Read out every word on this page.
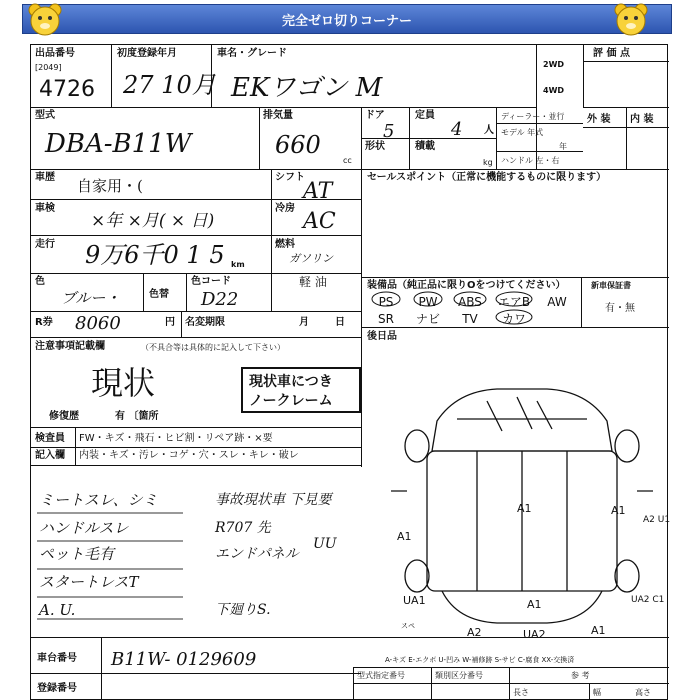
完全ゼロ切りコーナー
出品番号
[2049]
4726
初度登録年月
27 10月
車名・グレード
EKワゴン M
2WD
4WD
評 価 点
型式
DBA-B11W
排気量
660
cc
ドア
5
定員
4 人
形状	積載
kg
ディーラー・並行
モデル 年式
年
ハンドル 左・右
外 装 内 装
車歴 自家用・(	シフト
AT
車検
×年 ×月( × 日)
冷房
AC
走行 9万6千0 1 5 km
燃料
ガソリン
軽 油
色
ブルー・	色替
色コード
D22
R券 8060	円 名変期限	月	日
注意事項記載欄	（不具合等は具体的に記入して下さい）
現状	現状車につき
ノークレーム
修復歴	有 〔箇所
検査員 FW・キズ・飛石・ヒビ割・リペア跡・×要
記入欄 内装・キズ・汚レ・コゲ・穴・スレ・キレ・破レ
ミートスレ、シミ
ハンドルスレ
ペット毛有
スタートレスT
A. U.
事故現状車 下見要
R707 先
エンドパネル
下廻りS.
UU
セールスポイント（正常に機能するものに限ります）
装備品（純正品に限りOをつけてください）	新車保証書
有・無
PS PW ABS エアB AW
SR ナビ TV カワ
後日品
A1
A1
A1
A2 U1
UA1	A1	UA2 C1
A2	UA2	A1
スペ
A-キズ E-エクボ U-凹み W-補修跡 S-サビ C-腐食 XX-交換済
車台番号 B11W- 0129609
登録番号
型式指定番号	類別区分番号	参 考
長さ	幅	高さ
